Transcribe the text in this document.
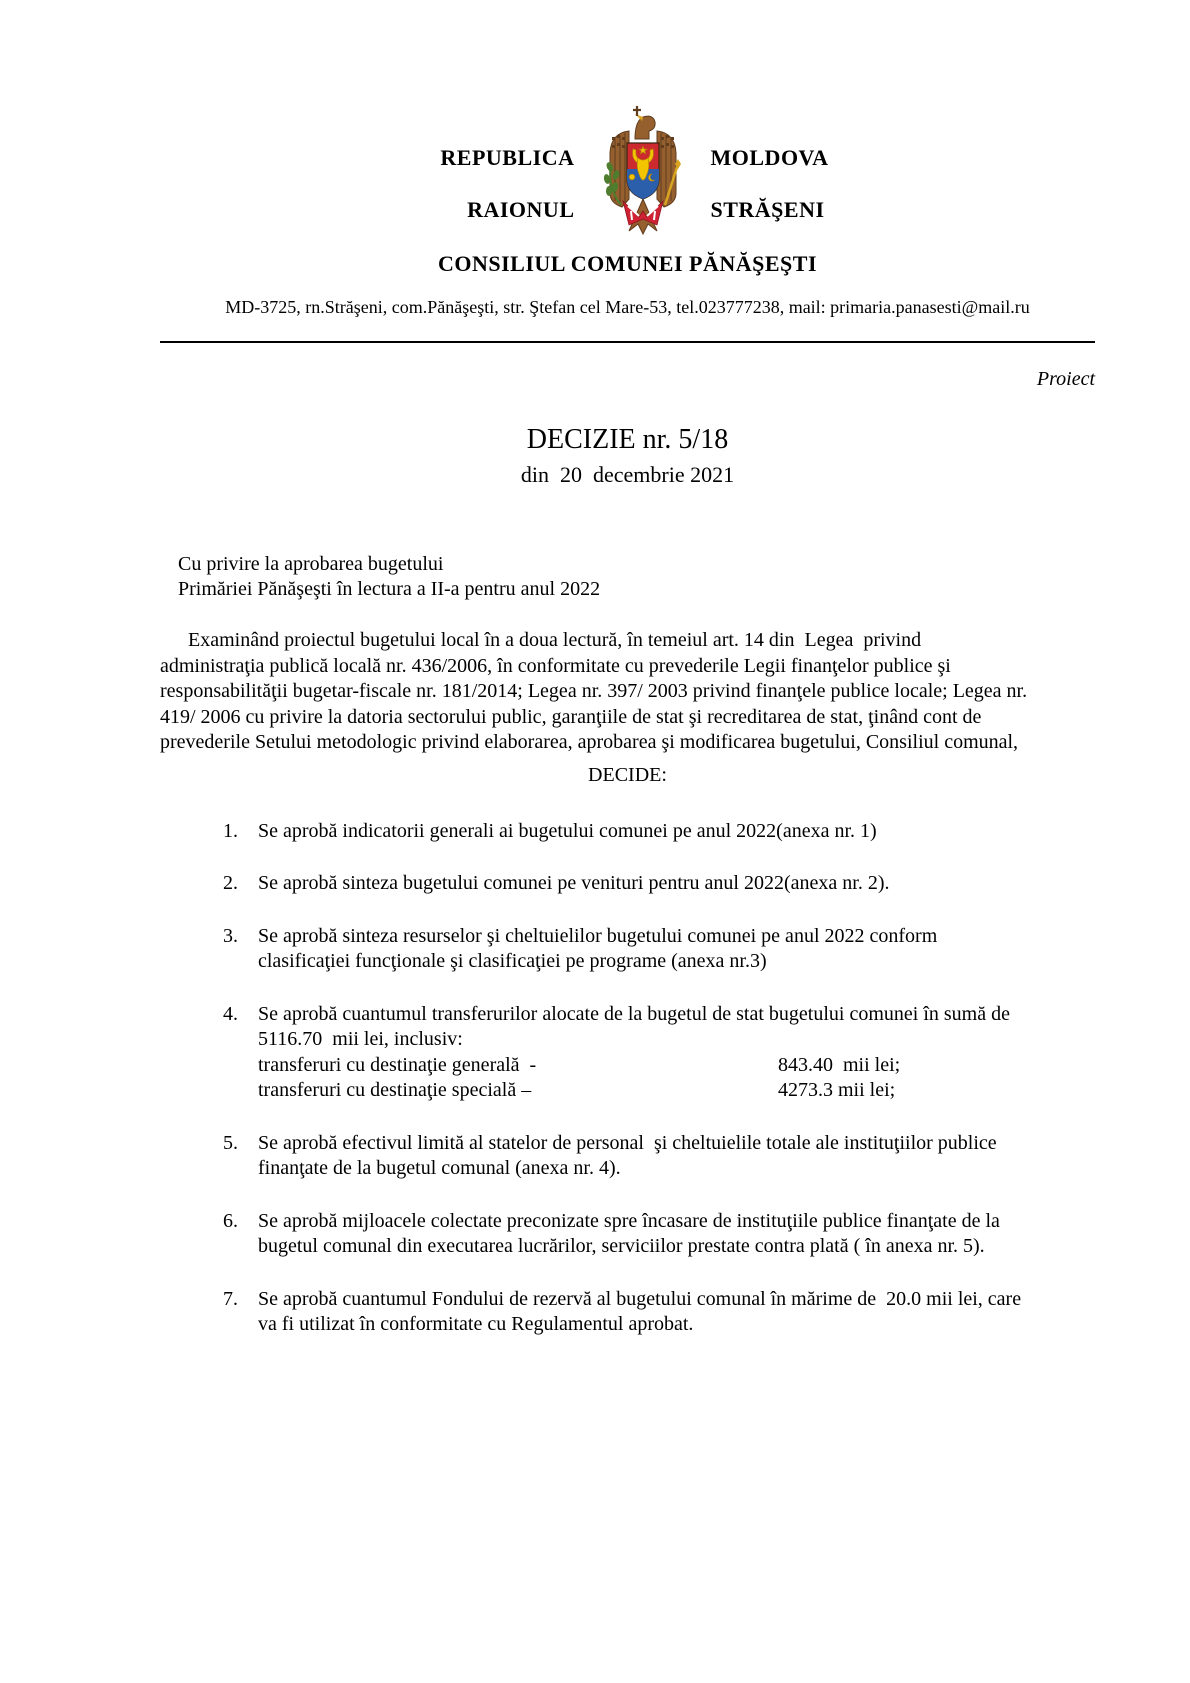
REPUBLICA
RAIONUL
MOLDOVA
STRĂŞENI
CONSILIUL COMUNEI PĂNĂŞEŞTI
MD-3725, rn.Străşeni, com.Pănăşeşti, str. Ştefan cel Mare-53, tel.023777238, mail: primaria.panasesti@mail.ru
Proiect
DECIZIE nr. 5/18
din  20  decembrie 2021
Cu privire la aprobarea bugetului
Primăriei Pănăşeşti în lectura a II-a pentru anul 2022

Examinând proiectul bugetului local în a doua lectură, în temeiul art. 14 din  Legea  privind administraţia publică locală nr. 436/2006, în conformitate cu prevederile Legii finanţelor publice şi responsabilităţii bugetar-fiscale nr. 181/2014; Legea nr. 397/ 2003 privind finanţele publice locale; Legea nr. 419/ 2006 cu privire la datoria sectorului public, garanţiile de stat şi recreditarea de stat, ţinând cont de prevederile Setului metodologic privind elaborarea, aprobarea şi modificarea bugetului, Consiliul comunal,

DECIDE:
1. Se aprobă indicatorii generali ai bugetului comunei pe anul 2022(anexa nr. 1)
2. Se aprobă sinteza bugetului comunei pe venituri pentru anul 2022(anexa nr. 2).
3. Se aprobă sinteza resurselor şi cheltuielilor bugetului comunei pe anul 2022 conform clasificaţiei funcţionale şi clasificaţiei pe programe (anexa nr.3)
4. Se aprobă cuantumul transferurilor alocate de la bugetul de stat bugetului comunei în sumă de 5116.70  mii lei, inclusiv:
transferuri cu destinaţie generală  -	843.40  mii lei;
transferuri cu destinaţie specială –	4273.3 mii lei;
5. Se aprobă efectivul limită al statelor de personal  şi cheltuielile totale ale instituţiilor publice finanţate de la bugetul comunal (anexa nr. 4).
6. Se aprobă mijloacele colectate preconizate spre încasare de instituţiile publice finanţate de la bugetul comunal din executarea lucrărilor, serviciilor prestate contra plată ( în anexa nr. 5).
7. Se aprobă cuantumul Fondului de rezervă al bugetului comunal în mărime de  20.0 mii lei, care va fi utilizat în conformitate cu Regulamentul aprobat.
